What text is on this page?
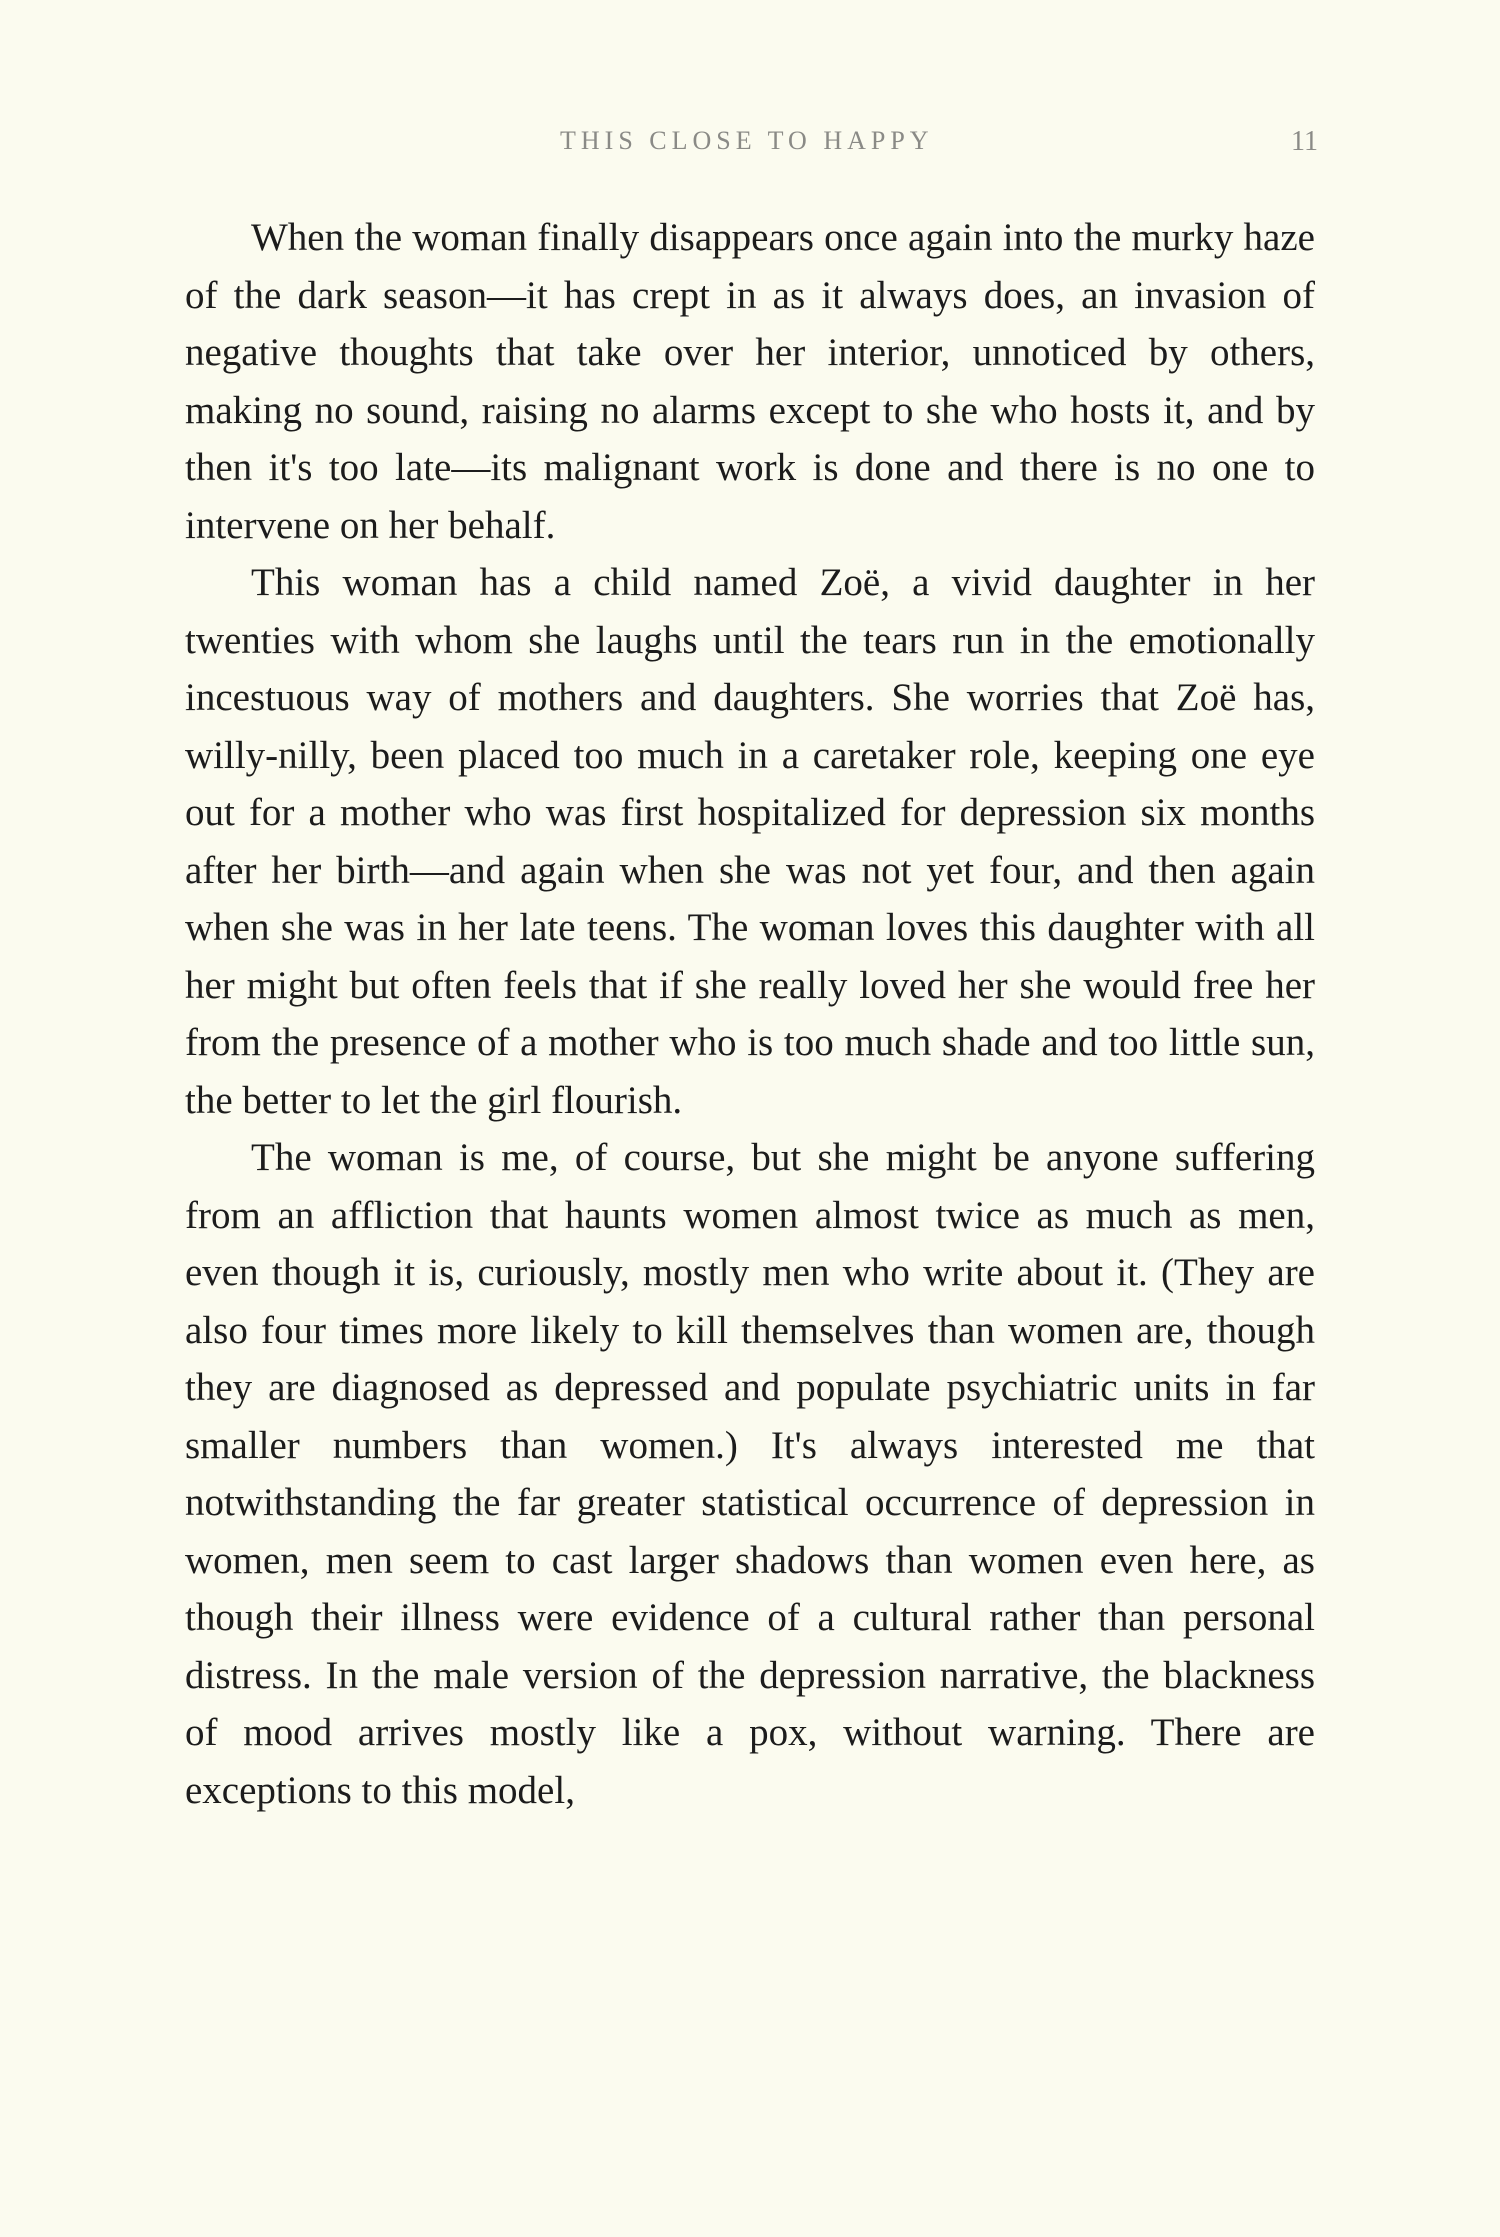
THIS CLOSE TO HAPPY	11

When the woman finally disappears once again into the murky haze of the dark season—it has crept in as it always does, an invasion of negative thoughts that take over her interior, unnoticed by others, making no sound, raising no alarms except to she who hosts it, and by then it's too late—its malignant work is done and there is no one to intervene on her behalf.

This woman has a child named Zoë, a vivid daughter in her twenties with whom she laughs until the tears run in the emotionally incestuous way of mothers and daughters. She worries that Zoë has, willy-nilly, been placed too much in a caretaker role, keeping one eye out for a mother who was first hospitalized for depression six months after her birth—and again when she was not yet four, and then again when she was in her late teens. The woman loves this daughter with all her might but often feels that if she really loved her she would free her from the presence of a mother who is too much shade and too little sun, the better to let the girl flourish.

The woman is me, of course, but she might be anyone suffering from an affliction that haunts women almost twice as much as men, even though it is, curiously, mostly men who write about it. (They are also four times more likely to kill themselves than women are, though they are diagnosed as depressed and populate psychiatric units in far smaller numbers than women.) It's always interested me that notwithstanding the far greater statistical occurrence of depression in women, men seem to cast larger shadows than women even here, as though their illness were evidence of a cultural rather than personal distress. In the male version of the depression narrative, the blackness of mood arrives mostly like a pox, without warning. There are exceptions to this model,
